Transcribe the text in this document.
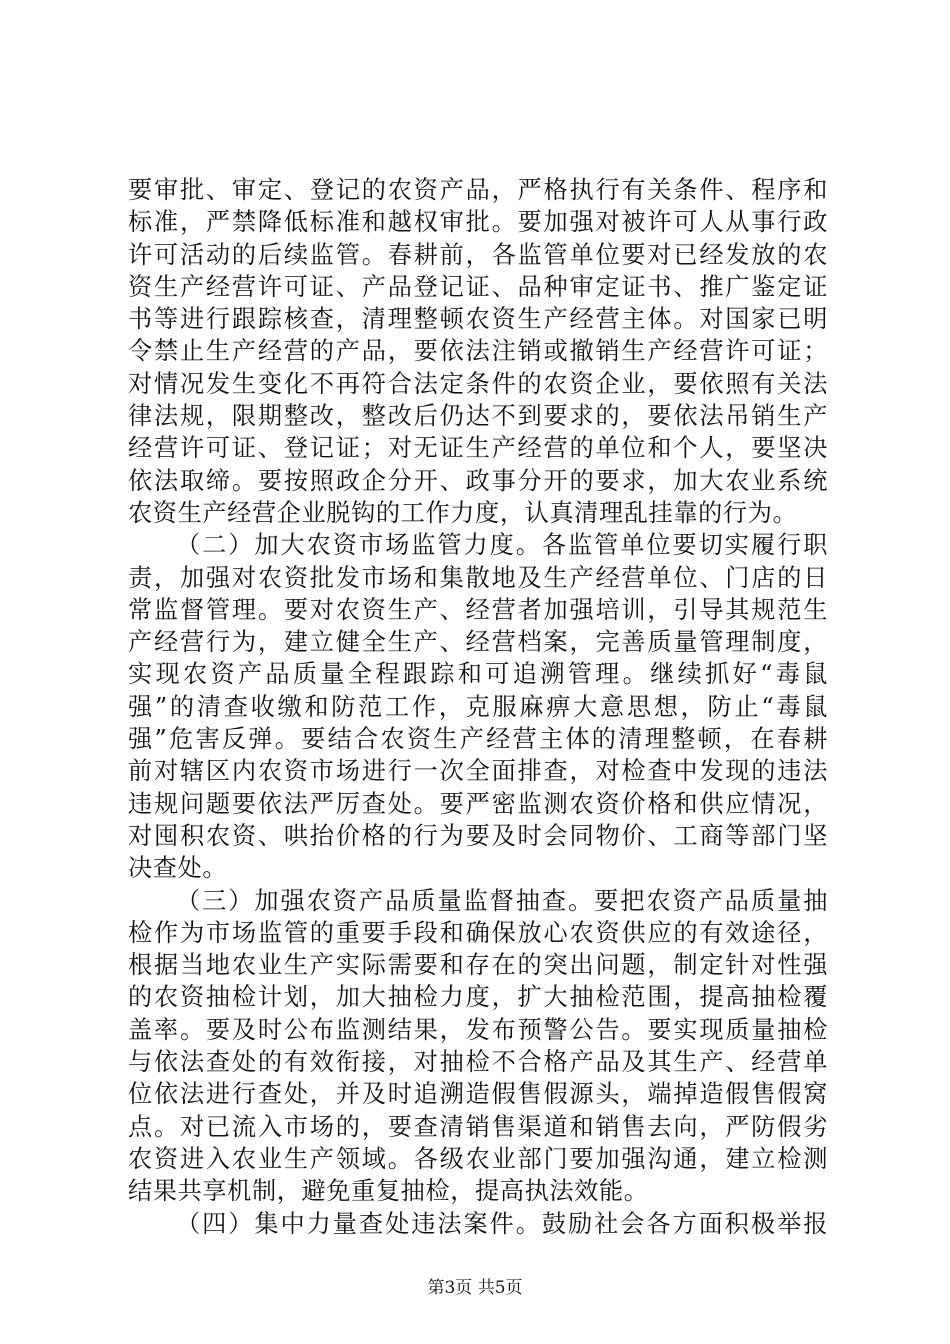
要审批、审定、登记的农资产品，严格执行有关条件、程序和
标准，严禁降低标准和越权审批。要加强对被许可人从事行政
许可活动的后续监管。春耕前，各监管单位要对已经发放的农
资生产经营许可证、产品登记证、品种审定证书、推广鉴定证
书等进行跟踪核查，清理整顿农资生产经营主体。对国家已明
令禁止生产经营的产品，要依法注销或撤销生产经营许可证；
对情况发生变化不再符合法定条件的农资企业，要依照有关法
律法规，限期整改，整改后仍达不到要求的，要依法吊销生产
经营许可证、登记证；对无证生产经营的单位和个人，要坚决
依法取缔。要按照政企分开、政事分开的要求，加大农业系统
农资生产经营企业脱钩的工作力度，认真清理乱挂靠的行为。
（二）加大农资市场监管力度。各监管单位要切实履行职
责，加强对农资批发市场和集散地及生产经营单位、门店的日
常监督管理。要对农资生产、经营者加强培训，引导其规范生
产经营行为，建立健全生产、经营档案，完善质量管理制度，
实现农资产品质量全程跟踪和可追溯管理。继续抓好“毒鼠
强”的清查收缴和防范工作，克服麻痹大意思想，防止“毒鼠
强”危害反弹。要结合农资生产经营主体的清理整顿，在春耕
前对辖区内农资市场进行一次全面排查，对检查中发现的违法
违规问题要依法严厉查处。要严密监测农资价格和供应情况，
对囤积农资、哄抬价格的行为要及时会同物价、工商等部门坚
决查处。
（三）加强农资产品质量监督抽查。要把农资产品质量抽
检作为市场监管的重要手段和确保放心农资供应的有效途径，
根据当地农业生产实际需要和存在的突出问题，制定针对性强
的农资抽检计划，加大抽检力度，扩大抽检范围，提高抽检覆
盖率。要及时公布监测结果，发布预警公告。要实现质量抽检
与依法查处的有效衔接，对抽检不合格产品及其生产、经营单
位依法进行查处，并及时追溯造假售假源头，端掉造假售假窝
点。对已流入市场的，要查清销售渠道和销售去向，严防假劣
农资进入农业生产领域。各级农业部门要加强沟通，建立检测
结果共享机制，避免重复抽检，提高执法效能。
（四）集中力量查处违法案件。鼓励社会各方面积极举报
第3页 共5页
